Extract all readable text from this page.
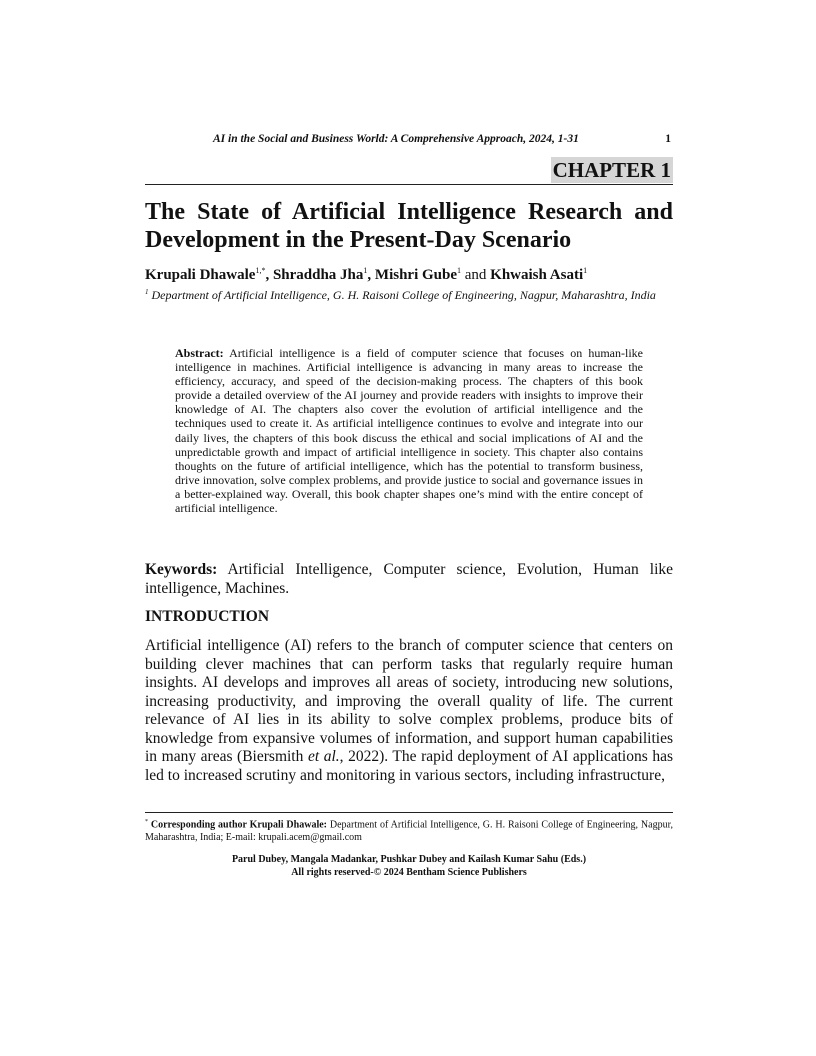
AI in the Social and Business World: A Comprehensive Approach, 2024, 1-31	1
CHAPTER 1
The State of Artificial Intelligence Research and
Development in the Present-Day Scenario
Krupali Dhawale$^{1,*}$, Shraddha Jha$^1$, Mishri Gube$^1$ and Khwaish Asati$^1$
$^1$ Department of Artificial Intelligence, G. H. Raisoni College of Engineering, Nagpur, Maharashtra, India

Abstract: Artificial intelligence is a field of computer science that focuses on human-like intelligence in machines. Artificial intelligence is advancing in many areas to increase the efficiency, accuracy, and speed of the decision-making process. The chapters of this book provide a detailed overview of the AI journey and provide readers with insights to improve their knowledge of AI. The chapters also cover the evolution of artificial intelligence and the techniques used to create it. As artificial intelligence continues to evolve and integrate into our daily lives, the chapters of this book discuss the ethical and social implications of AI and the unpredictable growth and impact of artificial intelligence in society. This chapter also contains thoughts on the future of artificial intelligence, which has the potential to transform business, drive innovation, solve complex problems, and provide justice to social and governance issues in a better-explained way. Overall, this book chapter shapes one’s mind with the entire concept of artificial intelligence.

Keywords: Artificial Intelligence, Computer science, Evolution, Human like intelligence, Machines.
INTRODUCTION

Artificial intelligence (AI) refers to the branch of computer science that centers on building clever machines that can perform tasks that regularly require human insights. AI develops and improves all areas of society, introducing new solutions, increasing productivity, and improving the overall quality of life. The current relevance of AI lies in its ability to solve complex problems, produce bits of knowledge from expansive volumes of information, and support human capabilities in many areas (Biersmith et al., 2022). The rapid deployment of AI applications has led to increased scrutiny and monitoring in various sectors, including infrastructure,

* Corresponding author Krupali Dhawale: Department of Artificial Intelligence, G. H. Raisoni College of Engineering, Nagpur, Maharashtra, India; E-mail: krupali.acem@gmail.com
Parul Dubey, Mangala Madankar, Pushkar Dubey and Kailash Kumar Sahu (Eds.)
All rights reserved-© 2024 Bentham Science Publishers
